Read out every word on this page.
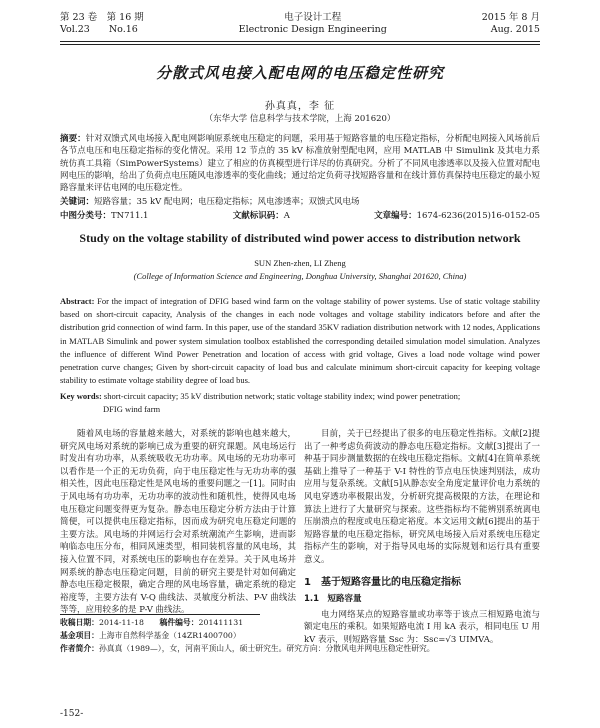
第 23 卷　第 16 期
Vol.23　　No.16
电子设计工程
Electronic Design Engineering
2015 年 8 月
Aug. 2015
分散式风电接入配电网的电压稳定性研究
孙真真，李 征
（东华大学 信息科学与技术学院，上海 201620）
摘要：针对双馈式风电场接入配电网影响原系统电压稳定的问题，采用基于短路容量的电压稳定指标，分析配电网接入风场前后各节点电压和电压稳定指标的变化情况。采用 12 节点的 35 kV 标准放射型配电网，应用 MATLAB 中 Simulink 及其电力系统仿真工具箱（SimPowerSystems）建立了相应的仿真模型进行详尽的仿真研究。分析了不同风电渗透率以及接入位置对配电网电压的影响，给出了负荷点电压随风电渗透率的变化曲线；通过给定负荷寻找短路容量和在线计算仿真保持电压稳定的最小短路容量来评估电网的电压稳定性。
关键词：短路容量；35 kV 配电网；电压稳定指标；风电渗透率；双馈式风电场
中图分类号：TN711.1	文献标识码：A	文章编号：1674-6236(2015)16-0152-05
Study on the voltage stability of distributed wind power access to distribution network
SUN Zhen-zhen, LI Zheng
(College of Information Science and Engineering, Donghua University, Shanghai 201620, China)
Abstract: For the impact of integration of DFIG based wind farm on the voltage stability of power systems. Use of static voltage stability based on short-circuit capacity, Analysis of the changes in each node voltages and voltage stability indicators before and after the distribution grid connection of wind farm. In this paper, use of the standard 35KV radiation distribution network with 12 nodes, Applications in MATLAB Simulink and power system simulation toolbox established the corresponding detailed simulation model simulation. Analyzes the influence of different Wind Power Penetration and location of access with grid voltage, Gives a load node voltage wind power penetration curve changes; Given by short-circuit capacity of load bus and calculate minimum short-circuit capacity for keeping voltage stability to estimate voltage stability degree of load bus.
Key words: short-circuit capacity; 35 kV distribution network; static voltage stability index; wind power penetration;
DFIG wind farm

随着风电场的容量越来越大，对系统的影响也越来越大，研究风电场对系统的影响已成为重要的研究课题。风电场运行时发出有功功率，从系统吸收无功功率。风电场的无功功率可以看作是一个正的无功负荷，向于电压稳定性与无功功率的强相关性，因此电压稳定性是风电场的重要问题之一[1]。同时由于风电场有功功率，无功功率的波动性和随机性，使得风电场电压稳定问题变得更为复杂。静态电压稳定分析方法由于计算简便，可以提供电压稳定指标，因而成为研究电压稳定问题的主要方法。风电场的并网运行会对系统潮流产生影响，进而影响临态电压分布，相同风速类型，相同装机容量的风电场，其接入位置不同，对系统电压的影响也存在差异。关于风电场并网系统的静态电压稳定问题，目前的研究主要是针对如何确定静态电压稳定极限，确定合理的风电场容量，确定系统的稳定裕度等，主要方法有 V-Q 曲线法、灵敏度分析法、P-V 曲线法等等，应用较多的是 P-V 曲线法。

目前，关于已经提出了很多的电压稳定性指标。文献[2]提出了一种考虑负荷波动的静态电压稳定指标。文献[3]提出了一种基于同步测量数据的在线电压稳定指标。文献[4]在简单系统基础上推导了一种基于 V-I 特性的节点电压快速判别法，成功应用与复杂系统。文献[5]从静态安全角度定量评价电力系统的风电穿透功率极限出发，分析研究提高极限的方法，在理论和算法上进行了大量研究与探索。这些指标均不能辨别系统离电压崩溃点的程度或电压稳定裕度。本文运用文献[6]提出的基于短路容量的电压稳定指标，研究风电场接入后对系统电压稳定指标产生的影响，对于指导风电场的实际规划和运行具有重要意义。

1　基于短路容量比的电压稳定指标
1.1　短路容量

电力网络某点的短路容量或功率等于该点三相短路电流与额定电压的乘积。如果短路电流 I 用 kA 表示，相同电压 U 用 kV 表示，则短路容量 Ssc 为：Ssc=√3 UIMVA。

收稿日期：2014-11-18　　 稿件编号：201411131
基金项目：上海市自然科学基金（14ZR1400700）
作者简介：孙真真（1989—），女，河南平顶山人，硕士研究生。研究方向：分散风电并网电压稳定性研究。
-152-
